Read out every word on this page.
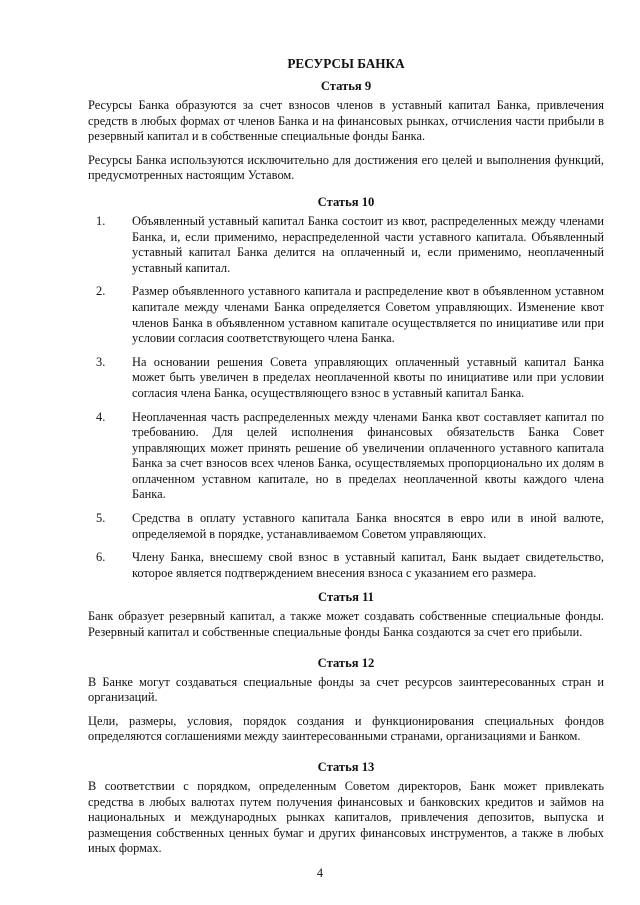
РЕСУРСЫ БАНКА
Статья 9
Ресурсы Банка образуются за счет взносов членов в уставный капитал Банка, привлечения средств в любых формах от членов Банка и на финансовых рынках, отчисления части прибыли в резервный капитал и в собственные специальные фонды Банка.
Ресурсы Банка используются исключительно для достижения его целей и выполнения функций, предусмотренных настоящим Уставом.
Статья 10
1.	Объявленный уставный капитал Банка состоит из квот, распределенных между членами Банка, и, если применимо, нераспределенной части уставного капитала. Объявленный уставный капитал Банка делится на оплаченный и, если применимо, неоплаченный уставный капитал.
2.	Размер объявленного уставного капитала и распределение квот в объявленном уставном капитале между членами Банка определяется Советом управляющих. Изменение квот членов Банка в объявленном уставном капитале осуществляется по инициативе или при условии согласия соответствующего члена Банка.
3.	На основании решения Совета управляющих оплаченный уставный капитал Банка может быть увеличен в пределах неоплаченной квоты по инициативе или при условии согласия члена Банка, осуществляющего взнос в уставный капитал Банка.
4.	Неоплаченная часть распределенных между членами Банка квот составляет капитал по требованию. Для целей исполнения финансовых обязательств Банка Совет управляющих может принять решение об увеличении оплаченного уставного капитала Банка за счет взносов всех членов Банка, осуществляемых пропорционально их долям в оплаченном уставном капитале, но в пределах неоплаченной квоты каждого члена Банка.
5.	Средства в оплату уставного капитала Банка вносятся в евро или в иной валюте, определяемой в порядке, устанавливаемом Советом управляющих.
6.	Члену Банка, внесшему свой взнос в уставный капитал, Банк выдает свидетельство, которое является подтверждением внесения взноса с указанием его размера.
Статья 11
Банк образует резервный капитал, а также может создавать собственные специальные фонды. Резервный капитал и собственные специальные фонды Банка создаются за счет его прибыли.
Статья 12
В Банке могут создаваться специальные фонды за счет ресурсов заинтересованных стран и организаций.
Цели, размеры, условия, порядок создания и функционирования специальных фондов определяются соглашениями между заинтересованными странами, организациями и Банком.
Статья 13
В соответствии с порядком, определенным Советом директоров, Банк может привлекать средства в любых валютах путем получения финансовых и банковских кредитов и займов на национальных и международных рынках капиталов, привлечения депозитов, выпуска и размещения собственных ценных бумаг и других финансовых инструментов, а также в любых иных формах.
4
